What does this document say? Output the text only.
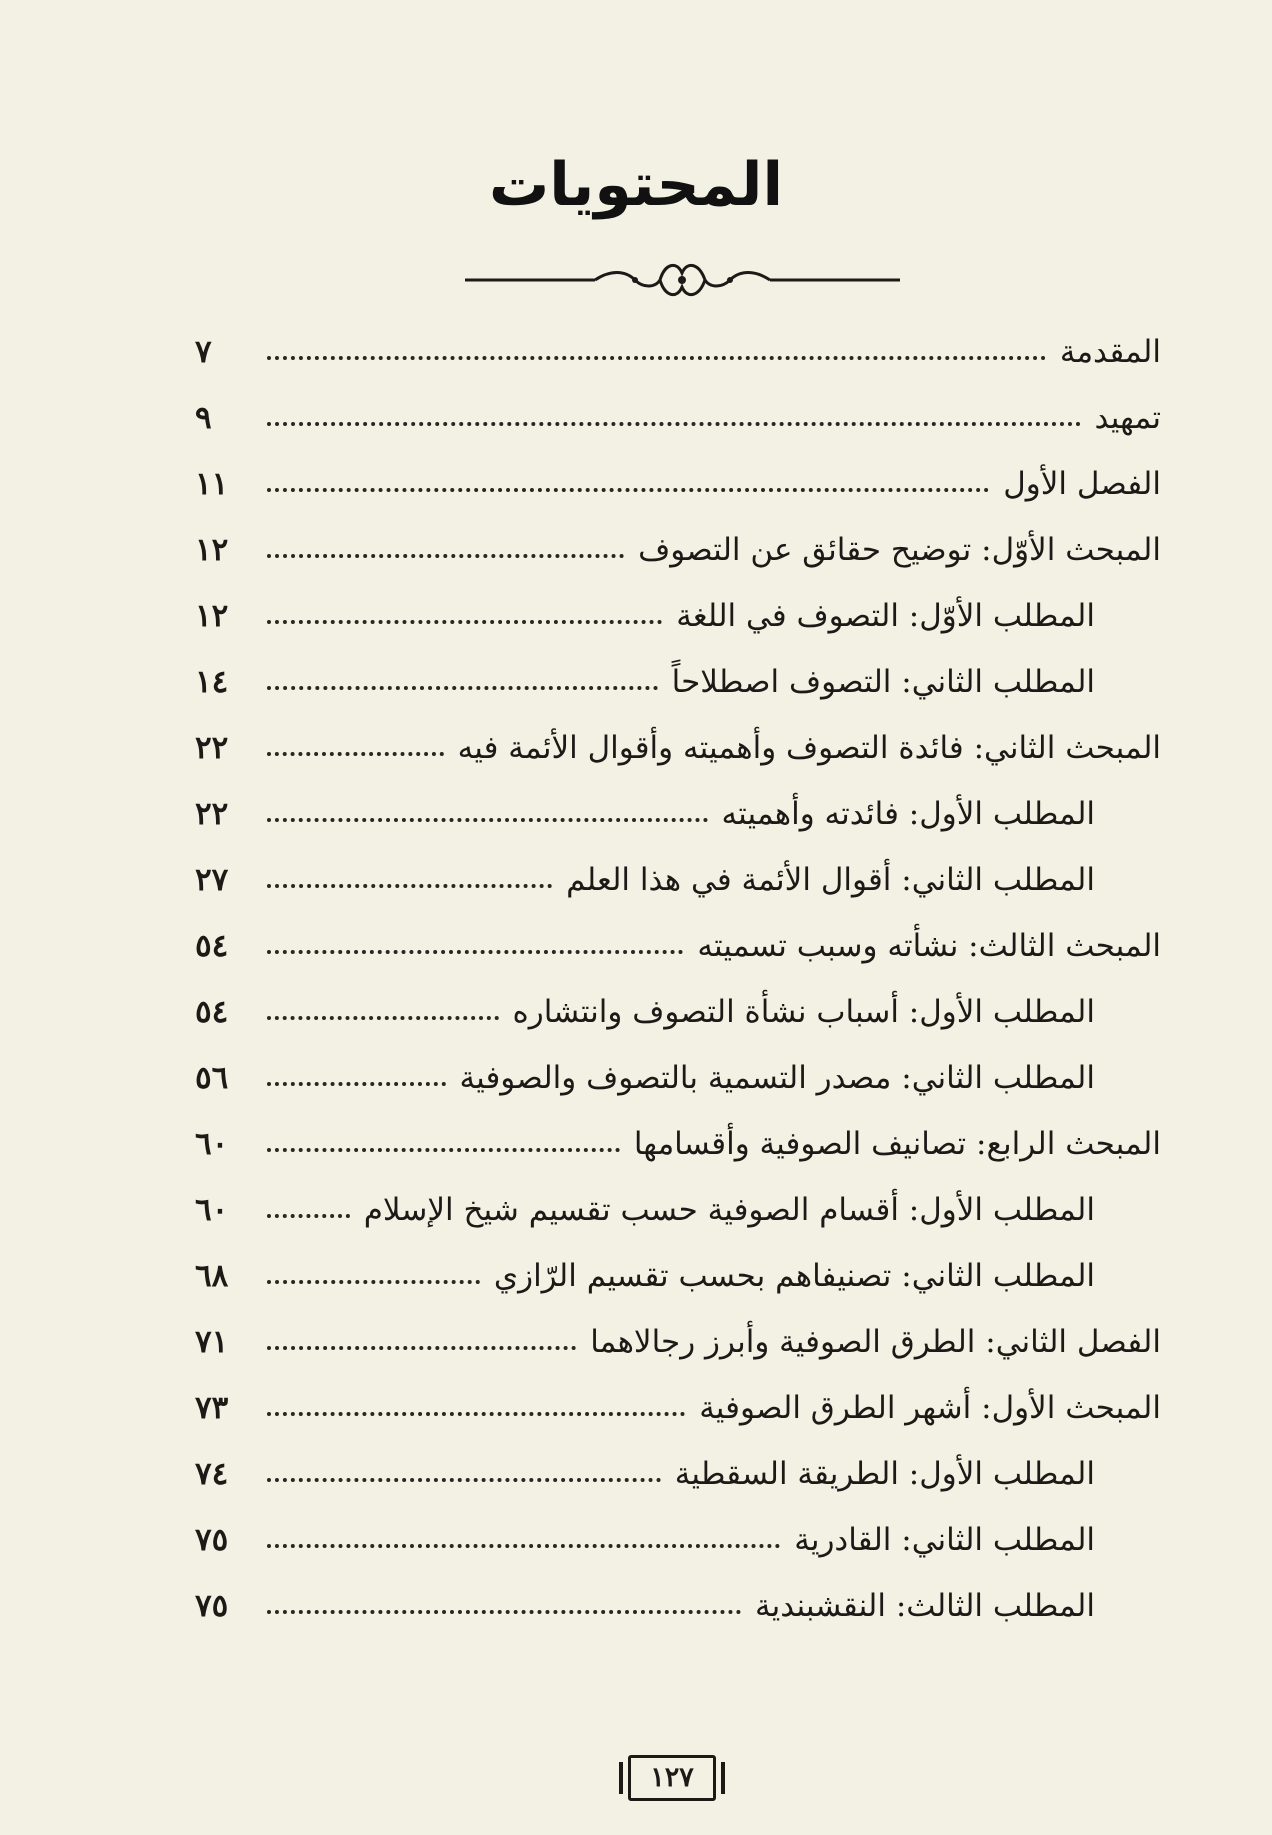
المحتويات
المقدمة
٧
تمهيد
٩
الفصل الأول
١١
المبحث الأوّل: توضيح حقائق عن التصوف
١٢
المطلب الأوّل: التصوف في اللغة
١٢
المطلب الثاني: التصوف اصطلاحاً
١٤
المبحث الثاني: فائدة التصوف وأهميته وأقوال الأئمة فيه
٢٢
المطلب الأول: فائدته وأهميته
٢٢
المطلب الثاني: أقوال الأئمة في هذا العلم
٢٧
المبحث الثالث: نشأته وسبب تسميته
٥٤
المطلب الأول: أسباب نشأة التصوف وانتشاره
٥٤
المطلب الثاني: مصدر التسمية بالتصوف والصوفية
٥٦
المبحث الرابع: تصانيف الصوفية وأقسامها
٦٠
المطلب الأول: أقسام الصوفية حسب تقسيم شيخ الإسلام
٦٠
المطلب الثاني: تصنيفاهم بحسب تقسيم الرّازي
٦٨
الفصل الثاني: الطرق الصوفية وأبرز رجالاهما
٧١
المبحث الأول: أشهر الطرق الصوفية
٧٣
المطلب الأول: الطريقة السقطية
٧٤
المطلب الثاني: القادرية
٧٥
المطلب الثالث: النقشبندية
٧٥
١٢٧
